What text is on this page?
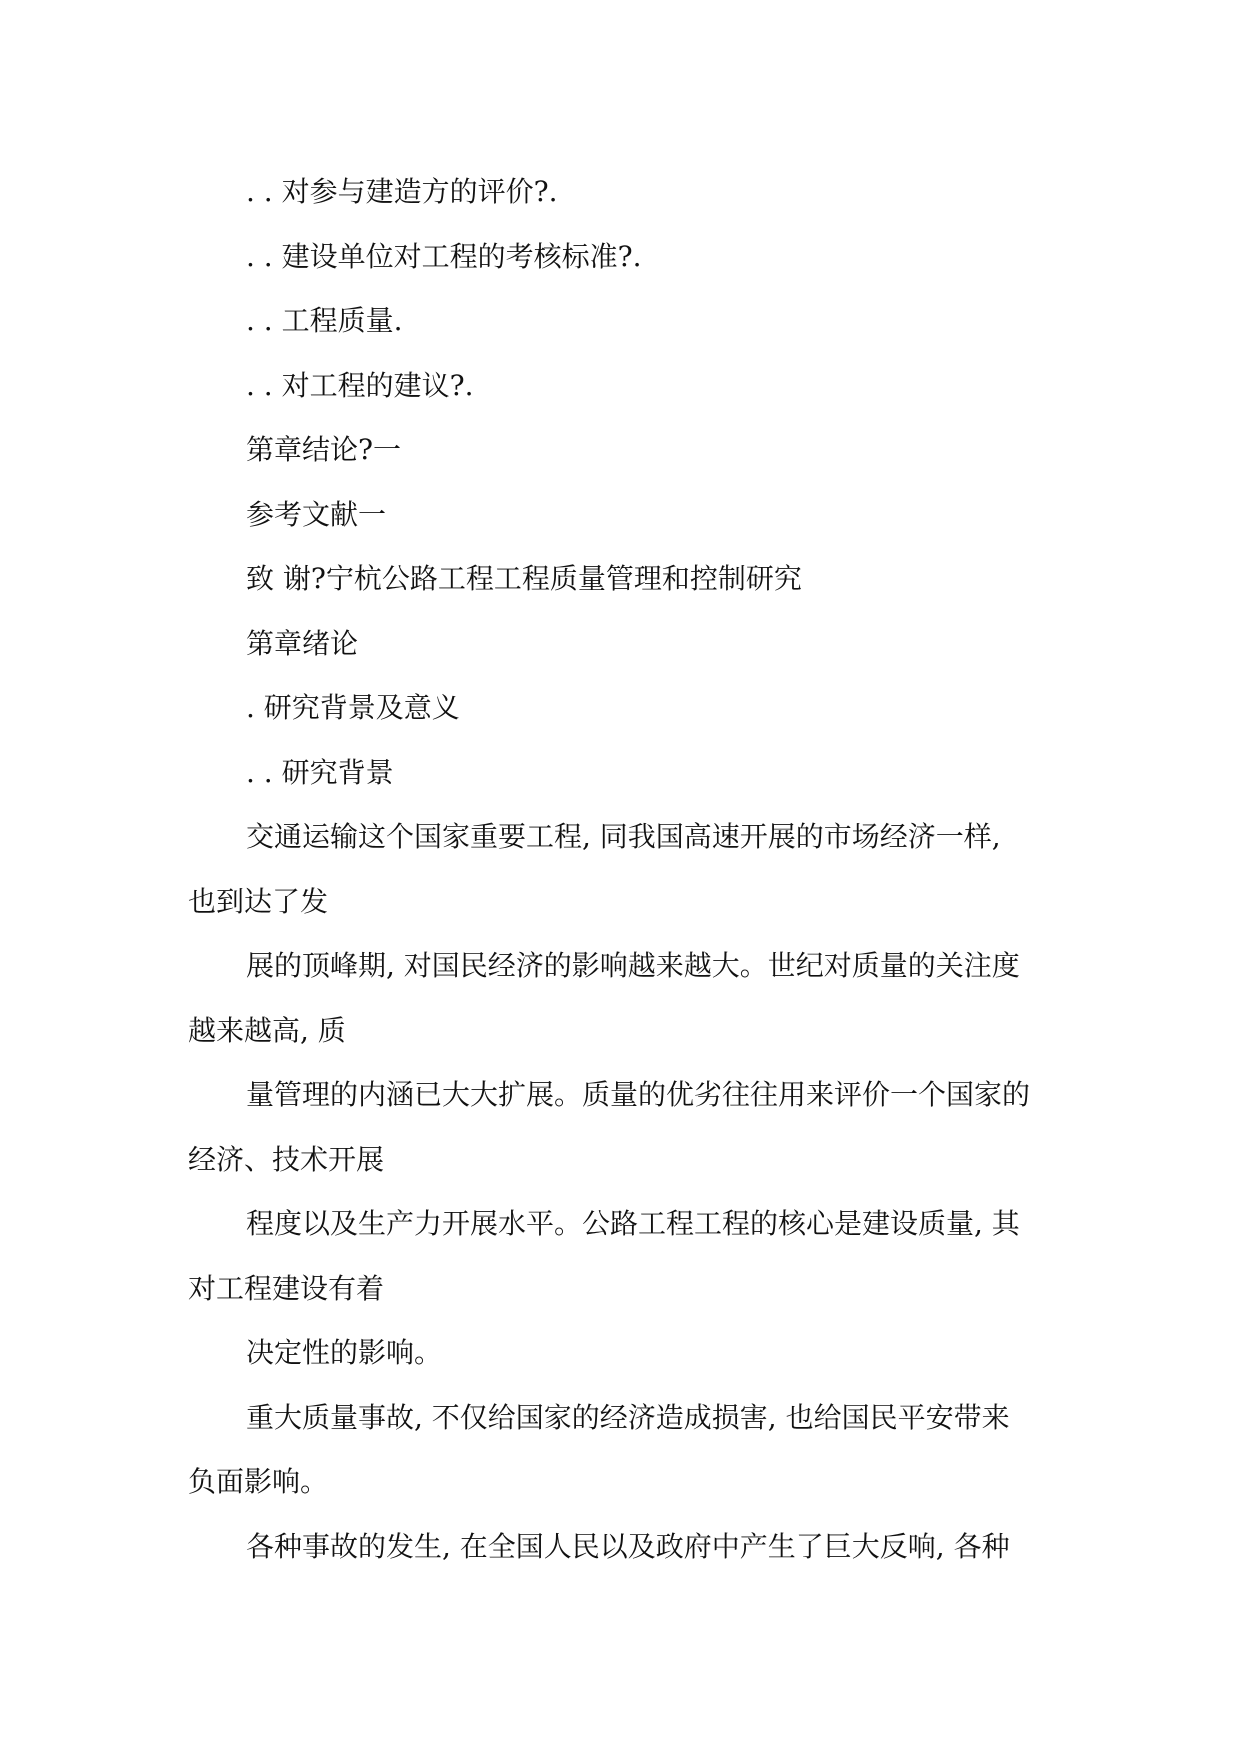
. . 对参与建造方的评价?.
. . 建设单位对工程的考核标准?.
. . 工程质量.
. . 对工程的建议?.
第章结论?一
参考文献一
致 谢?宁杭公路工程工程质量管理和控制研究
第章绪论
. 研究背景及意义
. . 研究背景
交通运输这个国家重要工程, 同我国高速开展的市场经济一样,
也到达了发
展的顶峰期, 对国民经济的影响越来越大。世纪对质量的关注度
越来越高, 质
量管理的内涵已大大扩展。质量的优劣往往用来评价一个国家的
经济、技术开展
程度以及生产力开展水平。公路工程工程的核心是建设质量, 其
对工程建设有着
决定性的影响。
重大质量事故, 不仅给国家的经济造成损害, 也给国民平安带来
负面影响。
各种事故的发生, 在全国人民以及政府中产生了巨大反响, 各种
